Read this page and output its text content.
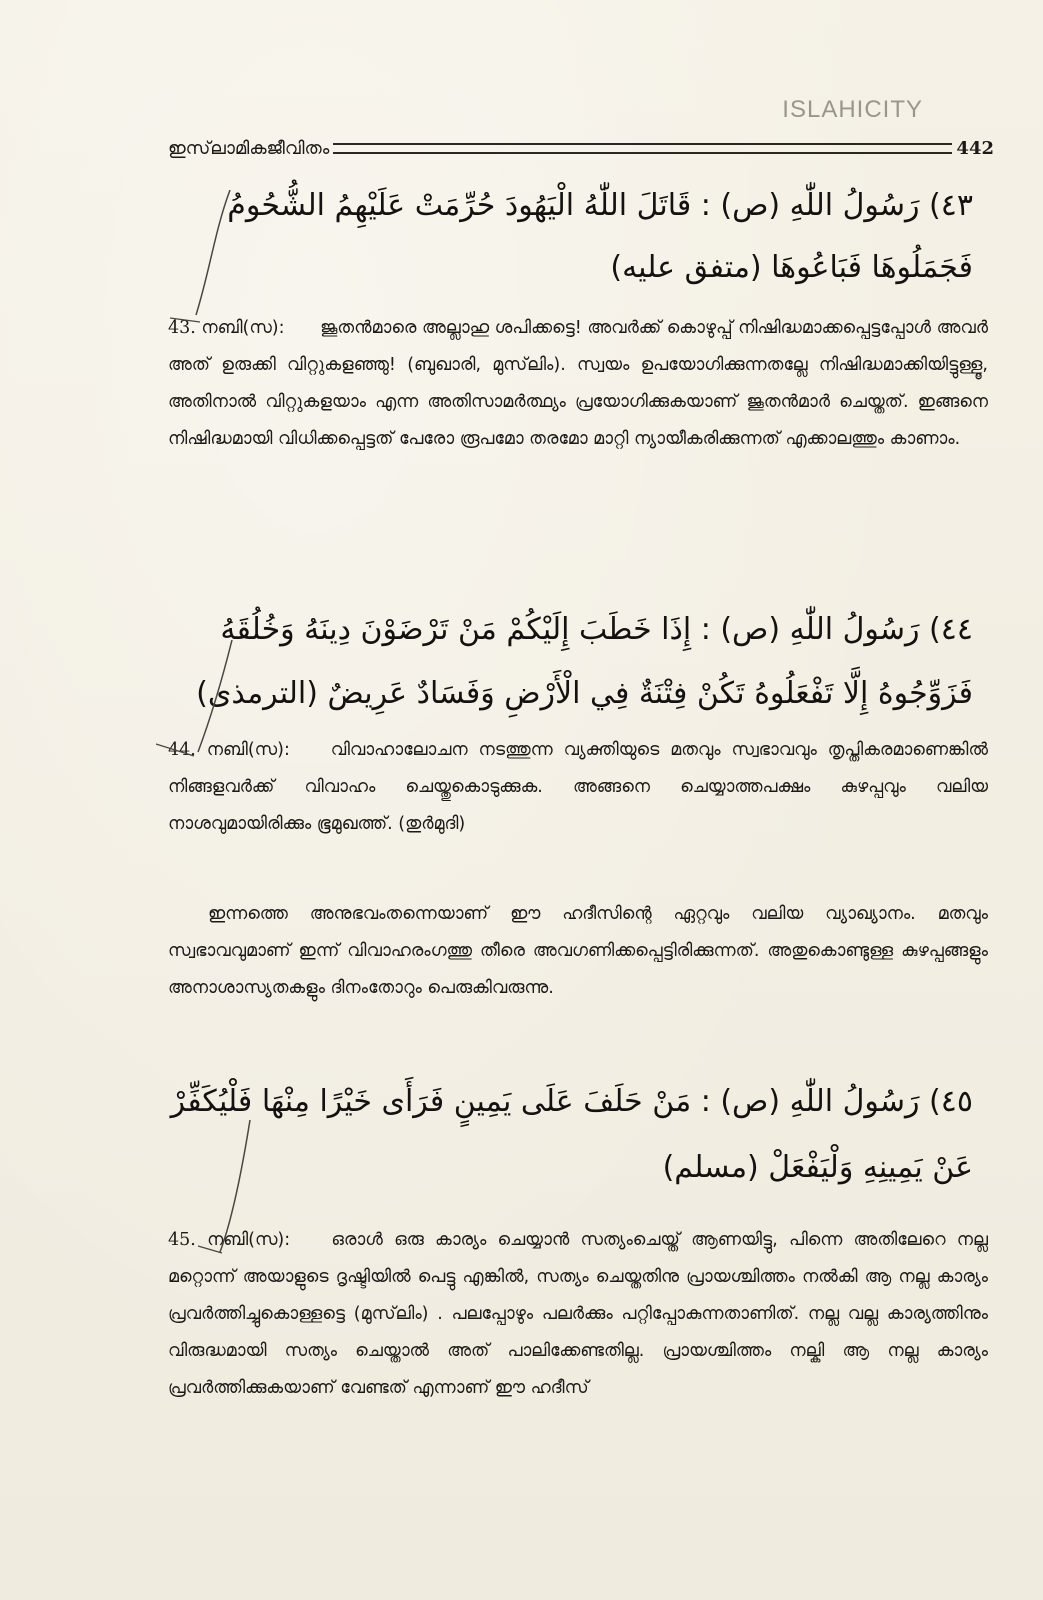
ISLAHICITY
ഇസ്‌ലാമികജീവിതം	442
٤٣) رَسُولُ اللّٰهِ (ص) : قَاتَلَ اللّٰهُ الْيَهُودَ حُرِّمَتْ عَلَيْهِمُ الشُّحُومُ
فَجَمَلُوهَا فَبَاعُوهَا (متفق عليه)
43. നബി(സ): ജൂതൻമാരെ അല്ലാഹു ശപിക്കട്ടെ! അവർക്ക് കൊഴുപ്പ് നിഷിദ്ധമാക്കപ്പെട്ടപ്പോൾ അവർ അത് ഉരുക്കി വിറ്റുകളഞ്ഞു! (ബുഖാരി, മുസ്‌ലിം). സ്വയം ഉപയോഗിക്കുന്നതല്ലേ നിഷിദ്ധമാക്കിയിട്ടുള്ളൂ, അതിനാൽ വിറ്റുകളയാം എന്ന അതിസാമർത്ഥ്യം പ്രയോഗിക്കുകയാണ് ജൂതൻമാർ ചെയ്തത്. ഇങ്ങനെ നിഷിദ്ധമായി വിധിക്കപ്പെട്ടത് പേരോ രൂപമോ തരമോ മാറ്റി ന്യായീകരിക്കുന്നത് എക്കാലത്തും കാണാം.
٤٤) رَسُولُ اللّٰهِ (ص) : إِذَا خَطَبَ إِلَيْكُمْ مَنْ تَرْضَوْنَ دِينَهُ وَخُلُقَهُ
فَزَوِّجُوهُ إِلَّا تَفْعَلُوهُ تَكُنْ فِتْنَةٌ فِي الْأَرْضِ وَفَسَادٌ عَرِيضٌ (الترمذى)
44. നബി(സ): വിവാഹാലോചന നടത്തുന്ന വ്യക്തിയുടെ മതവും സ്വഭാവവും തൃപ്തികരമാണെങ്കിൽ നിങ്ങളവർക്ക് വിവാഹം ചെയ്തുകൊടുക്കുക. അങ്ങനെ ചെയ്യാത്തപക്ഷം കുഴപ്പവും വലിയ നാശവുമായിരിക്കും ഭൂമുഖത്ത്. (തുർമുദി)
ഇന്നത്തെ അനുഭവംതന്നെയാണ് ഈ ഹദീസിന്റെ ഏറ്റവും വലിയ വ്യാഖ്യാനം. മതവും സ്വഭാവവുമാണ് ഇന്ന് വിവാഹരംഗത്തു തീരെ അവഗണിക്കപ്പെട്ടിരിക്കുന്നത്. അതുകൊണ്ടുള്ള കുഴപ്പങ്ങളും അനാശാസ്യതകളും ദിനംതോറും പെരുകിവരുന്നു.
٤٥) رَسُولُ اللّٰهِ (ص) : مَنْ حَلَفَ عَلَى يَمِينٍ فَرَأَى خَيْرًا مِنْهَا فَلْيُكَفِّرْ
عَنْ يَمِينِهِ وَلْيَفْعَلْ (مسلم)
45. നബി(സ): ഒരാൾ ഒരു കാര്യം ചെയ്യാൻ സത്യംചെയ്ത് ആണയിട്ടു, പിന്നെ അതിലേറെ നല്ല മറ്റൊന്ന് അയാളുടെ ദൃഷ്ടിയിൽ പെട്ടു എങ്കിൽ, സത്യം ചെയ്തതിനു പ്രായശ്ചിത്തം നൽകി ആ നല്ല കാര്യം പ്രവർത്തിച്ചുകൊള്ളട്ടെ (മുസ്‌ലിം) . പലപ്പോഴും പലർക്കും പറ്റിപ്പോകുന്നതാണിത്. നല്ല വല്ല കാര്യത്തിനും വിരുദ്ധമായി സത്യം ചെയ്താൽ അത് പാലിക്കേണ്ടതില്ല. പ്രായശ്ചിത്തം നല്കി ആ നല്ല കാര്യം പ്രവർത്തിക്കുകയാണ് വേണ്ടത് എന്നാണ് ഈ ഹദീസ്
